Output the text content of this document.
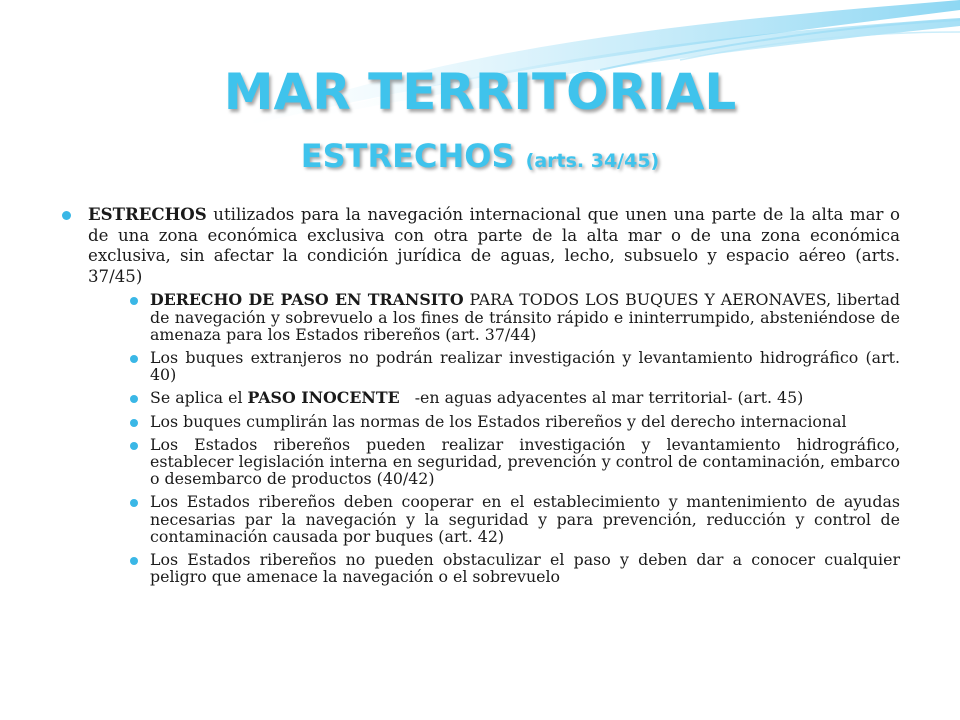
MAR TERRITORIAL
ESTRECHOS (arts. 34/45)
ESTRECHOS utilizados para la navegación internacional que unen una parte de la alta mar o de una zona económica exclusiva con otra parte de la alta mar o de una zona económica exclusiva, sin afectar la condición jurídica de aguas, lecho, subsuelo y espacio aéreo (arts. 37/45)
DERECHO DE PASO EN TRANSITO PARA TODOS LOS BUQUES Y AERONAVES, libertad de navegación y sobrevuelo a los fines de tránsito rápido e ininterrumpido, absteniéndose de amenaza para los Estados ribereños (art. 37/44)
Los buques extranjeros no podrán realizar investigación y levantamiento hidrográfico (art. 40)
Se aplica el PASO INOCENTE   -en aguas adyacentes al mar territorial- (art. 45)
Los buques cumplirán las normas de los Estados ribereños y del derecho internacional
Los Estados ribereños pueden realizar investigación y levantamiento hidrográfico, establecer legislación interna en seguridad, prevención y control de contaminación, embarco o desembarco de productos (40/42)
Los Estados ribereños deben cooperar en el establecimiento y mantenimiento de ayudas necesarias par la navegación y la seguridad y para prevención, reducción y control de contaminación causada por buques (art. 42)
Los Estados ribereños no pueden obstaculizar el paso y deben dar a conocer cualquier peligro que amenace la navegación o el sobrevuelo
